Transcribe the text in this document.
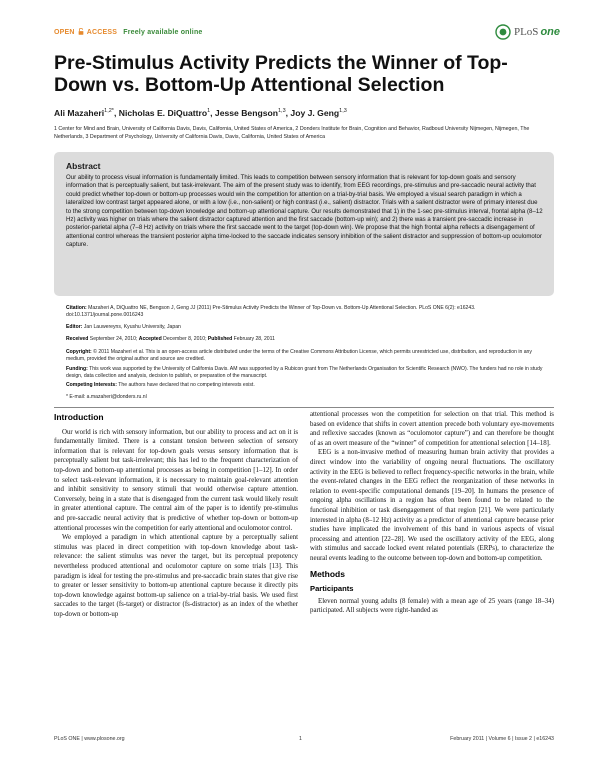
OPEN ACCESS Freely available online	PLoS one
Pre-Stimulus Activity Predicts the Winner of Top-Down vs. Bottom-Up Attentional Selection
Ali Mazaheri$^{1,2*}$, Nicholas E. DiQuattro$^1$, Jesse Bengson$^{1,3}$, Joy J. Geng$^{1,3}$
1 Center for Mind and Brain, University of California Davis, Davis, California, United States of America, 2 Donders Institute for Brain, Cognition and Behavior, Radboud University Nijmegen, Nijmegen, The Netherlands, 3 Department of Psychology, University of California Davis, Davis, California, United States of America
Abstract
Our ability to process visual information is fundamentally limited. This leads to competition between sensory information that is relevant for top-down goals and sensory information that is perceptually salient, but task-irrelevant. The aim of the present study was to identify, from EEG recordings, pre-stimulus and pre-saccadic neural activity that could predict whether top-down or bottom-up processes would win the competition for attention on a trial-by-trial basis. We employed a visual search paradigm in which a lateralized low contrast target appeared alone, or with a low (i.e., non-salient) or high contrast (i.e., salient) distractor. Trials with a salient distractor were of primary interest due to the strong competition between top-down knowledge and bottom-up attentional capture. Our results demonstrated that 1) in the 1-sec pre-stimulus interval, frontal alpha (8–12 Hz) activity was higher on trials where the salient distractor captured attention and the first saccade (bottom-up win); and 2) there was a transient pre-saccadic increase in posterior-parietal alpha (7–8 Hz) activity on trials where the first saccade went to the target (top-down win). We propose that the high frontal alpha reflects a disengagement of attentional control whereas the transient posterior alpha time-locked to the saccade indicates sensory inhibition of the salient distractor and suppression of bottom-up oculomotor capture.
Citation: Mazaheri A, DiQuattro NE, Bengson J, Geng JJ (2011) Pre-Stimulus Activity Predicts the Winner of Top-Down vs. Bottom-Up Attentional Selection. PLoS ONE 6(2): e16243. doi:10.1371/journal.pone.0016243
Editor: Jan Lauwereyns, Kyushu University, Japan
Received September 24, 2010; Accepted December 8, 2010; Published February 28, 2011
Copyright: © 2011 Mazaheri et al. This is an open-access article distributed under the terms of the Creative Commons Attribution License, which permits unrestricted use, distribution, and reproduction in any medium, provided the original author and source are credited.
Funding: This work was supported by the University of California Davis. AM was supported by a Rubicon grant from The Netherlands Organisation for Scientific Research (NWO). The funders had no role in study design, data collection and analysis, decision to publish, or preparation of the manuscript.
Competing Interests: The authors have declared that no competing interests exist.
* E-mail: a.mazaheri@donders.ru.nl
Introduction

Our world is rich with sensory information, but our ability to process and act on it is fundamentally limited. There is a constant tension between selection of sensory information that is relevant for top-down goals versus sensory information that is perceptually salient but task-irrelevant; this has led to the frequent characterization of top-down and bottom-up attentional processes as being in competition [1–12]. In order to select task-relevant information, it is necessary to maintain goal-relevant attention and inhibit sensitivity to sensory stimuli that would otherwise capture attention. Conversely, being in a state that is disengaged from the current task would likely result in greater attentional capture. The central aim of the paper is to identify pre-stimulus and pre-saccadic neural activity that is predictive of whether top-down or bottom-up attentional processes win the competition for early attentional and oculomotor control.

We employed a paradigm in which attentional capture by a perceptually salient stimulus was placed in direct competition with top-down knowledge about task-relevance: the salient stimulus was never the target, but its perceptual prepotency nevertheless produced attentional and oculomotor capture on some trials [13]. This paradigm is ideal for testing the pre-stimulus and pre-saccadic brain states that give rise to greater or lesser sensitivity to bottom-up attentional capture because it directly pits top-down knowledge against bottom-up salience on a trial-by-trial basis. We used first saccades to the target (fs-target) or distractor (fs-distractor) as an index of the whether top-down or bottom-up

attentional processes won the competition for selection on that trial. This method is based on evidence that shifts in covert attention precede both voluntary eye-movements and reflexive saccades (known as “oculomotor capture”) and can therefore be thought of as an overt measure of the “winner” of competition for attentional selection [14–18].

EEG is a non-invasive method of measuring human brain activity that provides a direct window into the variability of ongoing neural fluctuations. The oscillatory activity in the EEG is believed to reflect frequency-specific networks in the brain, while the event-related changes in the EEG reflect the reorganization of these networks in relation to event-specific computational demands [19–20]. In humans the presence of ongoing alpha oscillations in a region has often been found to be related to the functional inhibition or task disengagement of that region [21]. We were particularly interested in alpha (8–12 Hz) activity as a predictor of attentional capture because prior studies have implicated the involvement of this band in various aspects of visual processing and attention [22–28]. We used the oscillatory activity of the EEG, along with stimulus and saccade locked event related potentials (ERPs), to characterize the neural events leading to the outcome between top-down and bottom-up competition.

Methods
Participants

Eleven normal young adults (8 female) with a mean age of 25 years (range 18–34) participated. All subjects were right-handed as

PLoS ONE | www.plosone.org	1	February 2011 | Volume 6 | Issue 2 | e16243
